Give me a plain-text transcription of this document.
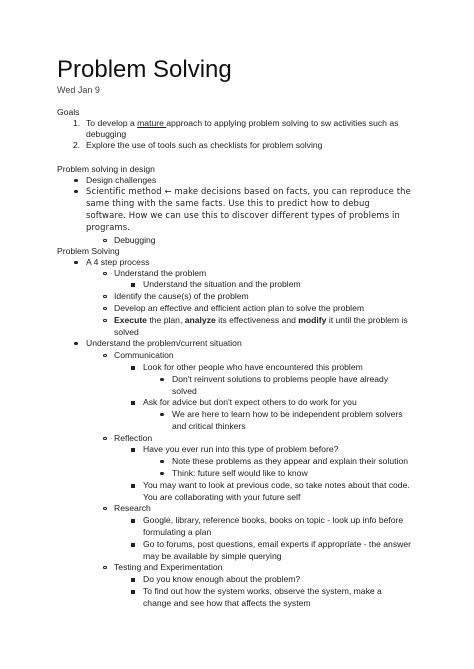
Problem Solving
Wed Jan 9
Goals
1. To develop a mature approach to applying problem solving to sw activities such as
debugging
2. Explore the use of tools such as checklists for problem solving
Problem solving in design
Design challenges
Scientific method ← make decisions based on facts, you can reproduce the
same thing with the same facts. Use this to predict how to debug
software. How we can use this to discover different types of problems in
programs.
Debugging
Problem Solving
A 4 step process
Understand the problem
Understand the situation and the problem
Identify the cause(s) of the problem
Develop an effective and efficient action plan to solve the problem
Execute the plan, analyze its effectiveness and modify it until the problem is
solved
Understand the problem/current situation
Communication
Look for other people who have encountered this problem
Don't reinvent solutions to problems people have already
solved
Ask for advice but don't expect others to do work for you
We are here to learn how to be independent problem solvers
and critical thinkers
Reflection
Have you ever run into this type of problem before?
Note these problems as they appear and explain their solution
Think: future self would like to know
You may want to look at previous code, so take notes about that code.
You are collaborating with your future self
Research
Google, library, reference books, books on topic - look up info before
formulating a plan
Go to forums, post questions, email experts if appropriate - the answer
may be available by simple querying
Testing and Experimentation
Do you know enough about the problem?
To find out how the system works, observe the system, make a
change and see how that affects the system
